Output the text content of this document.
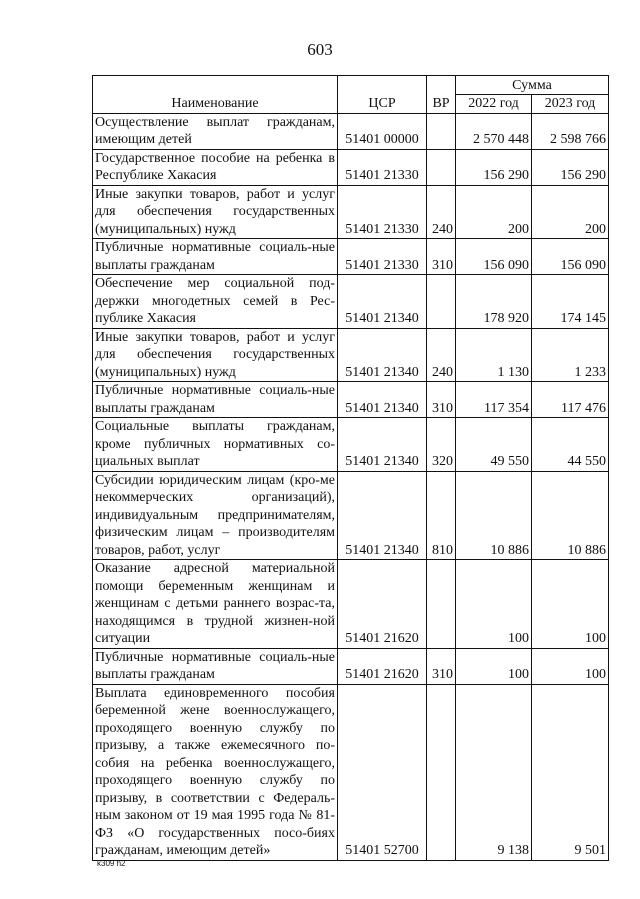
603
Наименование	ЦСР	ВР	Сумма	
			2022 год	2023 год
Осуществление выплат гражданам, имеющим детей	51401 00000		2 570 448	2 598 766
Государственное пособие на ребенка в Республике Хакасия	51401 21330		156 290	156 290
Иные закупки товаров, работ и услуг для обеспечения государственных (муниципальных) нужд	51401 21330	240	200	200
Публичные нормативные социаль-ные выплаты гражданам	51401 21330	310	156 090	156 090
Обеспечение мер социальной под-держки многодетных семей в Рес-публике Хакасия	51401 21340		178 920	174 145
Иные закупки товаров, работ и услуг для обеспечения государственных (муниципальных) нужд	51401 21340	240	1 130	1 233
Публичные нормативные социаль-ные выплаты гражданам	51401 21340	310	117 354	117 476
Социальные выплаты гражданам, кроме публичных нормативных со-циальных выплат	51401 21340	320	49 550	44 550
Субсидии юридическим лицам (кро-ме некоммерческих организаций), индивидуальным предпринимателям, физическим лицам – производителям товаров, работ, услуг	51401 21340	810	10 886	10 886
Оказание адресной материальной помощи беременным женщинам и женщинам с детьми раннего возрас-та, находящимся в трудной жизнен-ной ситуации	51401 21620		100	100
Публичные нормативные социаль-ные выплаты гражданам	51401 21620	310	100	100
Выплата единовременного пособия беременной жене военнослужащего, проходящего военную службу по призыву, а также ежемесячного по-собия на ребенка военнослужащего, проходящего военную службу по призыву, в соответствии с Федераль-ным законом от 19 мая 1995 года № 81-ФЗ «О государственных посо-биях гражданам, имеющим детей»	51401 52700		9 138	9 501
k309 h2
